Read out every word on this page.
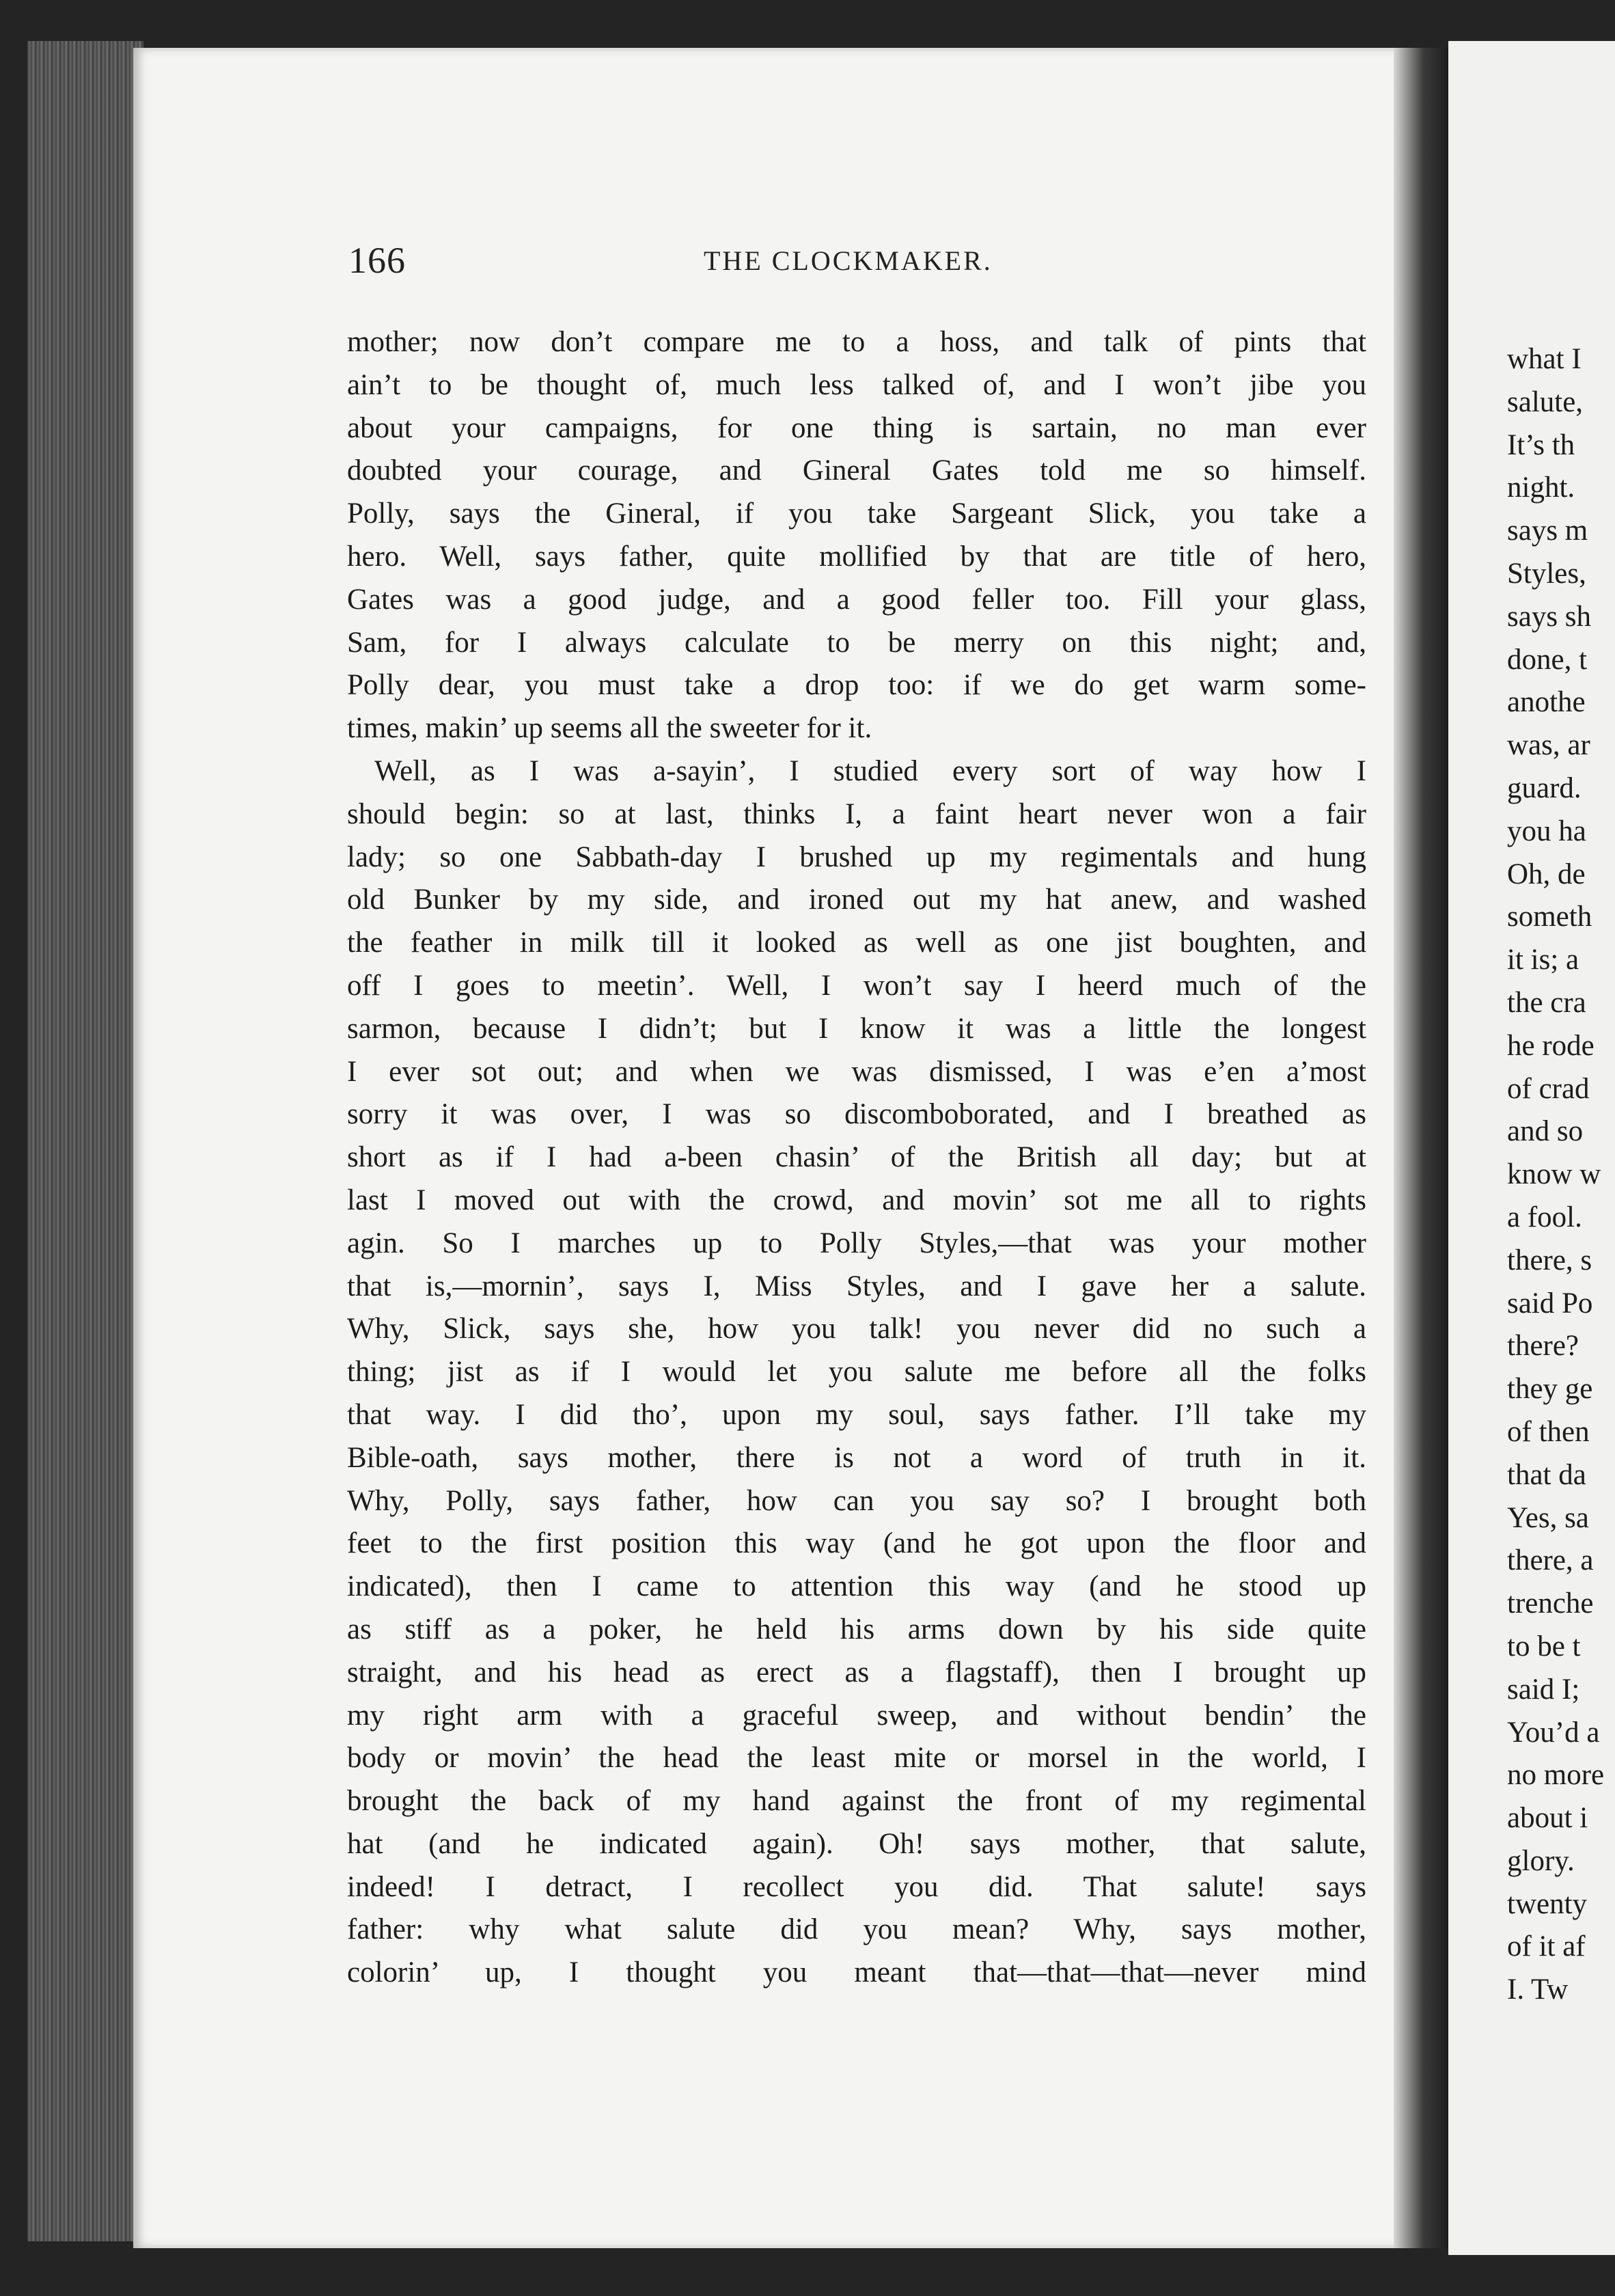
166	THE CLOCKMAKER.
mother; now don’t compare me to a hoss, and talk of pints that
ain’t to be thought of, much less talked of, and I won’t jibe you
about your campaigns, for one thing is sartain, no man ever
doubted your courage, and Gineral Gates told me so himself.
Polly, says the Gineral, if you take Sargeant Slick, you take a
hero. Well, says father, quite mollified by that are title of hero,
Gates was a good judge, and a good feller too. Fill your glass,
Sam, for I always calculate to be merry on this night; and,
Polly dear, you must take a drop too: if we do get warm some-
times, makin’ up seems all the sweeter for it.
Well, as I was a-sayin’, I studied every sort of way how I
should begin: so at last, thinks I, a faint heart never won a fair
lady; so one Sabbath-day I brushed up my regimentals and hung
old Bunker by my side, and ironed out my hat anew, and washed
the feather in milk till it looked as well as one jist boughten, and
off I goes to meetin’. Well, I won’t say I heerd much of the
sarmon, because I didn’t; but I know it was a little the longest
I ever sot out; and when we was dismissed, I was e’en a’most
sorry it was over, I was so discomboborated, and I breathed as
short as if I had a-been chasin’ of the British all day; but at
last I moved out with the crowd, and movin’ sot me all to rights
agin. So I marches up to Polly Styles,—that was your mother
that is,—mornin’, says I, Miss Styles, and I gave her a salute.
Why, Slick, says she, how you talk! you never did no such a
thing; jist as if I would let you salute me before all the folks
that way. I did tho’, upon my soul, says father. I’ll take my
Bible-oath, says mother, there is not a word of truth in it.
Why, Polly, says father, how can you say so? I brought both
feet to the first position this way (and he got upon the floor and
indicated), then I came to attention this way (and he stood up
as stiff as a poker, he held his arms down by his side quite
straight, and his head as erect as a flagstaff), then I brought up
my right arm with a graceful sweep, and without bendin’ the
body or movin’ the head the least mite or morsel in the world, I
brought the back of my hand against the front of my regimental
hat (and he indicated again). Oh! says mother, that salute,
indeed! I detract, I recollect you did. That salute! says
father: why what salute did you mean? Why, says mother,
colorin’ up, I thought you meant that—that—that—never mind
what I
salute,
It’s th
night.
says m
Styles,
says sh
done, t
anothe
was, ar
guard.
you ha
Oh, de
someth
it is; a
the cra
he rode
of crad
and so
know w
a fool.
there, s
said Po
there?
they ge
of then
that da
Yes, sa
there, a
trenche
to be t
said I;
You’d a
no more
about i
glory.
twenty
of it af
I. Tw
